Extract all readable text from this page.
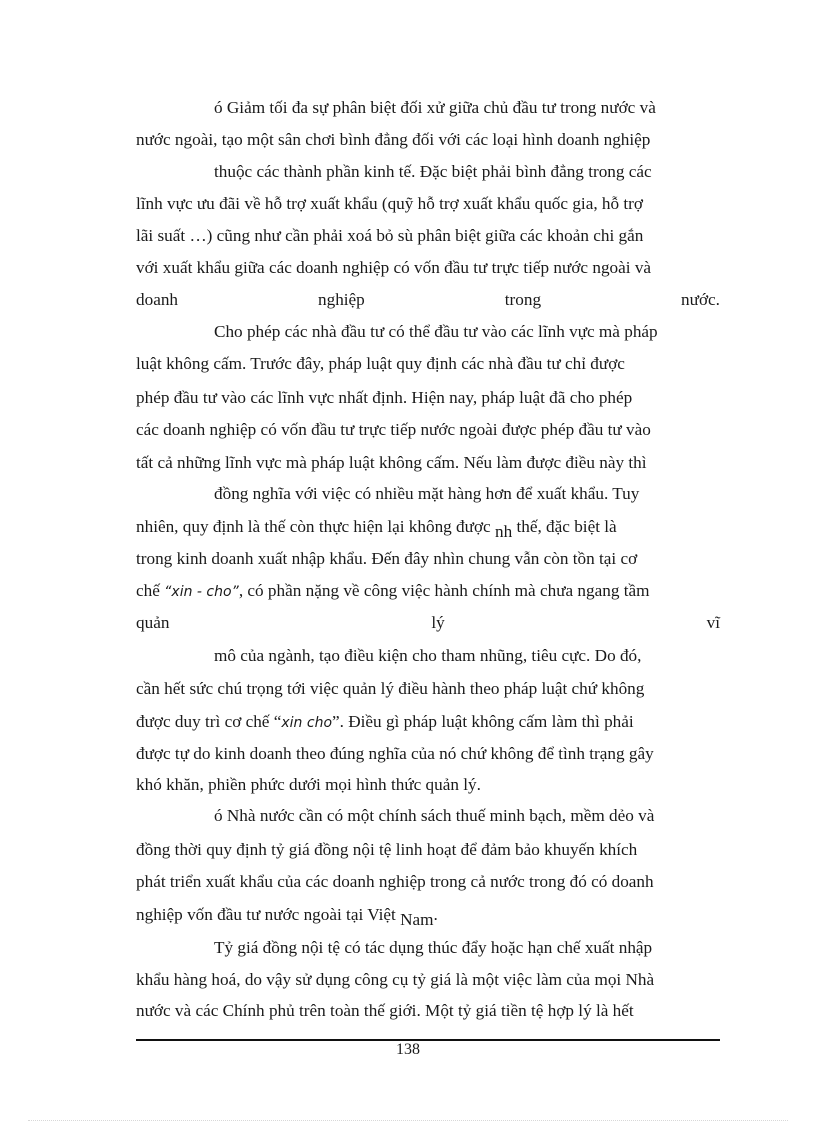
ó Giảm tối đa sự phân biệt đối xử giữa chủ đầu tư trong nước và
nước ngoài, tạo một sân chơi bình đẳng đối với các loại hình doanh nghiệp
thuộc các thành phần kinh tế. Đặc biệt phải bình đẳng trong các
lĩnh vực ưu đãi về hỗ trợ xuất khẩu (quỹ hỗ trợ xuất khẩu quốc gia, hỗ trợ
lãi suất …) cũng như cần phải xoá bỏ sù phân biệt giữa các khoản chi gắn
với xuất khẩu giữa các doanh nghiệp có vốn đầu tư trực tiếp nước ngoài và
doanh	nghiệp	trong	nước.
Cho phép các nhà đầu tư có thể đầu tư vào các lĩnh vực mà pháp
luật không cấm. Trước đây, pháp luật quy định các nhà đầu tư chỉ được
phép đầu tư vào các lĩnh vực nhất định. Hiện nay, pháp luật đã cho phép
các doanh nghiệp có vốn đầu tư trực tiếp nước ngoài được phép đầu tư vào
tất cả những lĩnh vực mà pháp luật không cấm. Nếu làm được điều này thì
đồng nghĩa với việc có nhiều mặt hàng hơn để xuất khẩu. Tuy
nhiên, quy định là thế còn thực hiện lại không được nh thế, đặc biệt là
trong kinh doanh xuất nhập khẩu. Đến đây nhìn chung vẫn còn tồn tại cơ
chế “xin - cho”, có phần nặng về công việc hành chính mà chưa ngang tầm
quản	lý	vĩ
mô của ngành, tạo điều kiện cho tham nhũng, tiêu cực. Do đó,
cần hết sức chú trọng tới việc quản lý điều hành theo pháp luật chứ không
được duy trì cơ chế “xin cho”. Điều gì pháp luật không cấm làm thì phải
được tự do kinh doanh theo đúng nghĩa của nó chứ không để tình trạng gây
khó khăn, phiền phức dưới mọi hình thức quản lý.
ó Nhà nước cần có một chính sách thuế minh bạch, mềm dẻo và
đồng thời quy định tỷ giá đồng nội tệ linh hoạt để đảm bảo khuyến khích
phát triển xuất khẩu của các doanh nghiệp trong cả nước trong đó có doanh
nghiệp vốn đầu tư nước ngoài tại Việt Nam.
Tỷ giá đồng nội tệ có tác dụng thúc đẩy hoặc hạn chế xuất nhập
khẩu hàng hoá, do vậy sử dụng công cụ tỷ giá là một việc làm của mọi Nhà
nước và các Chính phủ trên toàn thế giới. Một tỷ giá tiền tệ hợp lý là hết
138
